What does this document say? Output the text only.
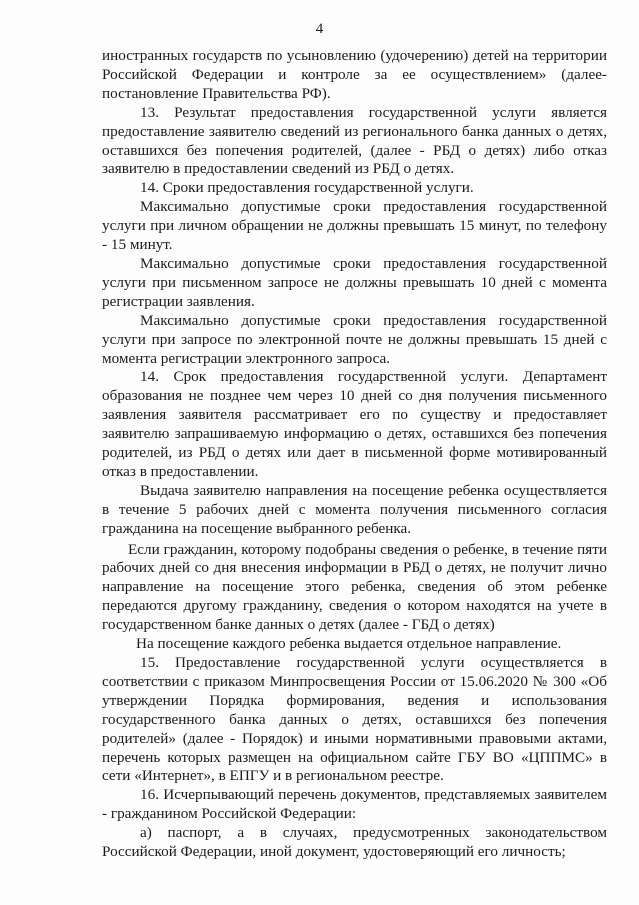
4

иностранных государств по усыновлению (удочерению) детей на территории Российской Федерации и контроле за ее осуществлением» (далее-постановление Правительства РФ).

13. Результат предоставления государственной услуги является предоставление заявителю сведений из регионального банка данных о детях, оставшихся без попечения родителей, (далее - РБД о детях) либо отказ заявителю в предоставлении сведений из РБД о детях.

14. Сроки предоставления государственной услуги.

Максимально допустимые сроки предоставления государственной услуги при личном обращении не должны превышать 15 минут, по телефону - 15 минут.

Максимально допустимые сроки предоставления государственной услуги при письменном запросе не должны превышать 10 дней с момента регистрации заявления.

Максимально допустимые сроки предоставления государственной услуги при запросе по электронной почте не должны превышать 15 дней с момента регистрации электронного запроса.

14. Срок предоставления государственной услуги. Департамент образования не позднее чем через 10 дней со дня получения письменного заявления заявителя рассматривает его по существу и предоставляет заявителю запрашиваемую информацию о детях, оставшихся без попечения родителей, из РБД о детях или дает в письменной форме мотивированный отказ в предоставлении.

Выдача заявителю направления на посещение ребенка осуществляется в течение 5 рабочих дней с момента получения письменного согласия гражданина на посещение выбранного ребенка.

Если гражданин, которому подобраны сведения о ребенке, в течение пяти рабочих дней со дня внесения информации в РБД о детях, не получит лично направление на посещение этого ребенка, сведения об этом ребенке передаются другому гражданину, сведения о котором находятся на учете в государственном банке данных о детях (далее - ГБД о детях)

На посещение каждого ребенка выдается отдельное направление.

15. Предоставление государственной услуги осуществляется в соответствии с приказом Минпросвещения России от 15.06.2020 № 300 «Об утверждении Порядка формирования, ведения и использования государственного банка данных о детях, оставшихся без попечения родителей» (далее - Порядок) и иными нормативными правовыми актами, перечень которых размещен на официальном сайте ГБУ ВО «ЦППМС» в сети «Интернет», в ЕПГУ и в региональном реестре.

16. Исчерпывающий перечень документов, представляемых заявителем - гражданином Российской Федерации:

а) паспорт, а в случаях, предусмотренных законодательством Российской Федерации, иной документ, удостоверяющий его личность;
